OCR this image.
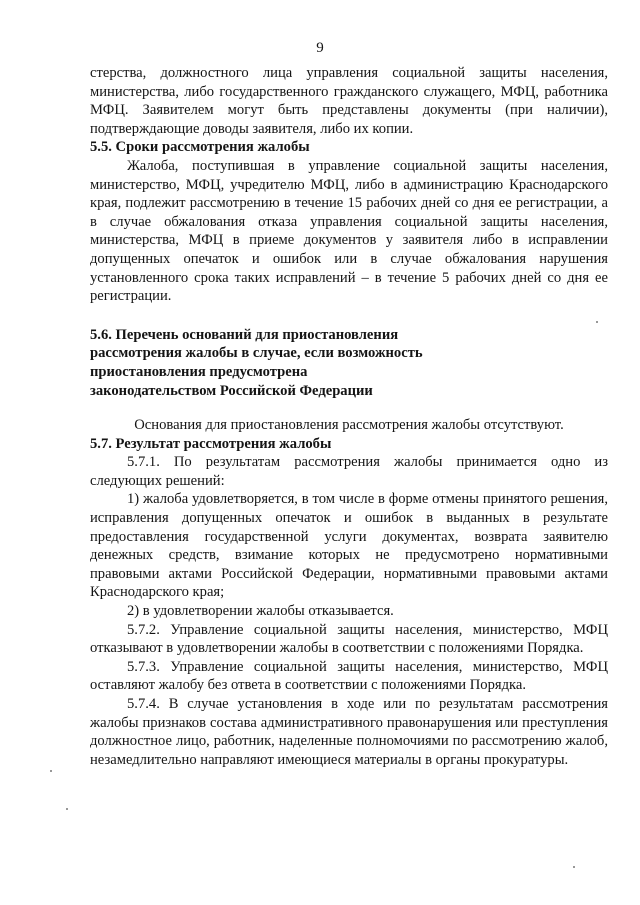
9

стерства, должностного лица управления социальной защиты населения, министерства, либо государственного гражданского служащего, МФЦ, работника МФЦ. Заявителем могут быть представлены документы (при наличии), подтверждающие доводы заявителя, либо их копии.

5.5. Сроки рассмотрения жалобы

Жалоба, поступившая в управление социальной защиты населения, министерство, МФЦ, учредителю МФЦ, либо в администрацию Краснодарского края, подлежит рассмотрению в течение 15 рабочих дней со дня ее регистрации, а в случае обжалования отказа управления социальной защиты населения, министерства, МФЦ в приеме документов у заявителя либо в исправлении допущенных опечаток и ошибок или в случае обжалования нарушения установленного срока таких исправлений – в течение 5 рабочих дней со дня ее регистрации.

5.6. Перечень оснований для приостановления

рассмотрения жалобы в случае, если возможность

приостановления предусмотрена

законодательством Российской Федерации

Основания для приостановления рассмотрения жалобы отсутствуют.

5.7. Результат рассмотрения жалобы

5.7.1. По результатам рассмотрения жалобы принимается одно из следующих решений:

1) жалоба удовлетворяется, в том числе в форме отмены принятого решения, исправления допущенных опечаток и ошибок в выданных в результате предоставления государственной услуги документах, возврата заявителю денежных средств, взимание которых не предусмотрено нормативными правовыми актами Российской Федерации, нормативными правовыми актами Краснодарского края;

2) в удовлетворении жалобы отказывается.

5.7.2. Управление социальной защиты населения, министерство, МФЦ отказывают в удовлетворении жалобы в соответствии с положениями Порядка.

5.7.3. Управление социальной защиты населения, министерство, МФЦ оставляют жалобу без ответа в соответствии с положениями Порядка.

5.7.4. В случае установления в ходе или по результатам рассмотрения жалобы признаков состава административного правонарушения или преступления должностное лицо, работник, наделенные полномочиями по рассмотрению жалоб, незамедлительно направляют имеющиеся материалы в органы прокуратуры.
